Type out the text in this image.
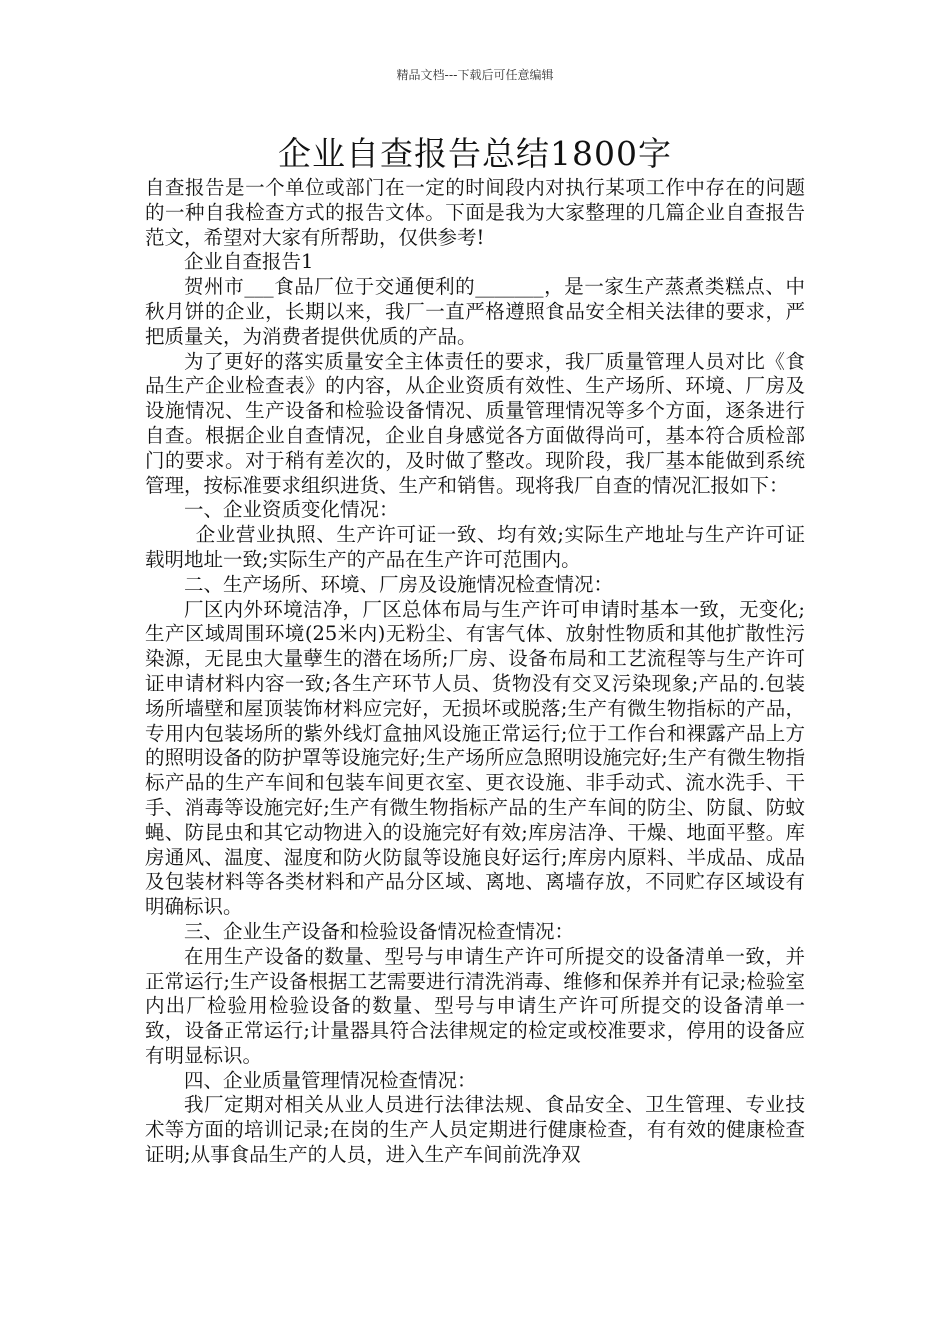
精品文档---下载后可任意编辑
企业自查报告总结1800字

自查报告是一个单位或部门在一定的时间段内对执行某项工作中存在的问题的一种自我检查方式的报告文体。下面是我为大家整理的几篇企业自查报告范文，希望对大家有所帮助，仅供参考!

企业自查报告1

贺州市___食品厂位于交通便利的_______，是一家生产蒸煮类糕点、中秋月饼的企业，长期以来，我厂一直严格遵照食品安全相关法律的要求，严把质量关，为消费者提供优质的产品。

为了更好的落实质量安全主体责任的要求，我厂质量管理人员对比《食品生产企业检查表》的内容，从企业资质有效性、生产场所、环境、厂房及设施情况、生产设备和检验设备情况、质量管理情况等多个方面，逐条进行自查。根据企业自查情况，企业自身感觉各方面做得尚可，基本符合质检部门的要求。对于稍有差次的，及时做了整改。现阶段，我厂基本能做到系统管理，按标准要求组织进货、生产和销售。现将我厂自查的情况汇报如下：

一、企业资质变化情况：

企业营业执照、生产许可证一致、均有效;实际生产地址与生产许可证载明地址一致;实际生产的产品在生产许可范围内。

二、生产场所、环境、厂房及设施情况检查情况：

厂区内外环境洁净，厂区总体布局与生产许可申请时基本一致，无变化;生产区域周围环境(25米内)无粉尘、有害气体、放射性物质和其他扩散性污染源，无昆虫大量孽生的潜在场所;厂房、设备布局和工艺流程等与生产许可证申请材料内容一致;各生产环节人员、货物没有交叉污染现象;产品的.包装场所墙壁和屋顶装饰材料应完好，无损坏或脱落;生产有微生物指标的产品，专用内包装场所的紫外线灯盒抽风设施正常运行;位于工作台和裸露产品上方的照明设备的防护罩等设施完好;生产场所应急照明设施完好;生产有微生物指标产品的生产车间和包装车间更衣室、更衣设施、非手动式、流水洗手、干手、消毒等设施完好;生产有微生物指标产品的生产车间的防尘、防鼠、防蚊蝇、防昆虫和其它动物进入的设施完好有效;库房洁净、干燥、地面平整。库房通风、温度、湿度和防火防鼠等设施良好运行;库房内原料、半成品、成品及包装材料等各类材料和产品分区域、离地、离墙存放，不同贮存区域设有明确标识。

三、企业生产设备和检验设备情况检查情况：

在用生产设备的数量、型号与申请生产许可所提交的设备清单一致，并正常运行;生产设备根据工艺需要进行清洗消毒、维修和保养并有记录;检验室内出厂检验用检验设备的数量、型号与申请生产许可所提交的设备清单一致，设备正常运行;计量器具符合法律规定的检定或校准要求，停用的设备应有明显标识。

四、企业质量管理情况检查情况：

我厂定期对相关从业人员进行法律法规、食品安全、卫生管理、专业技术等方面的培训记录;在岗的生产人员定期进行健康检查，有有效的健康检查证明;从事食品生产的人员，进入生产车间前洗净双
